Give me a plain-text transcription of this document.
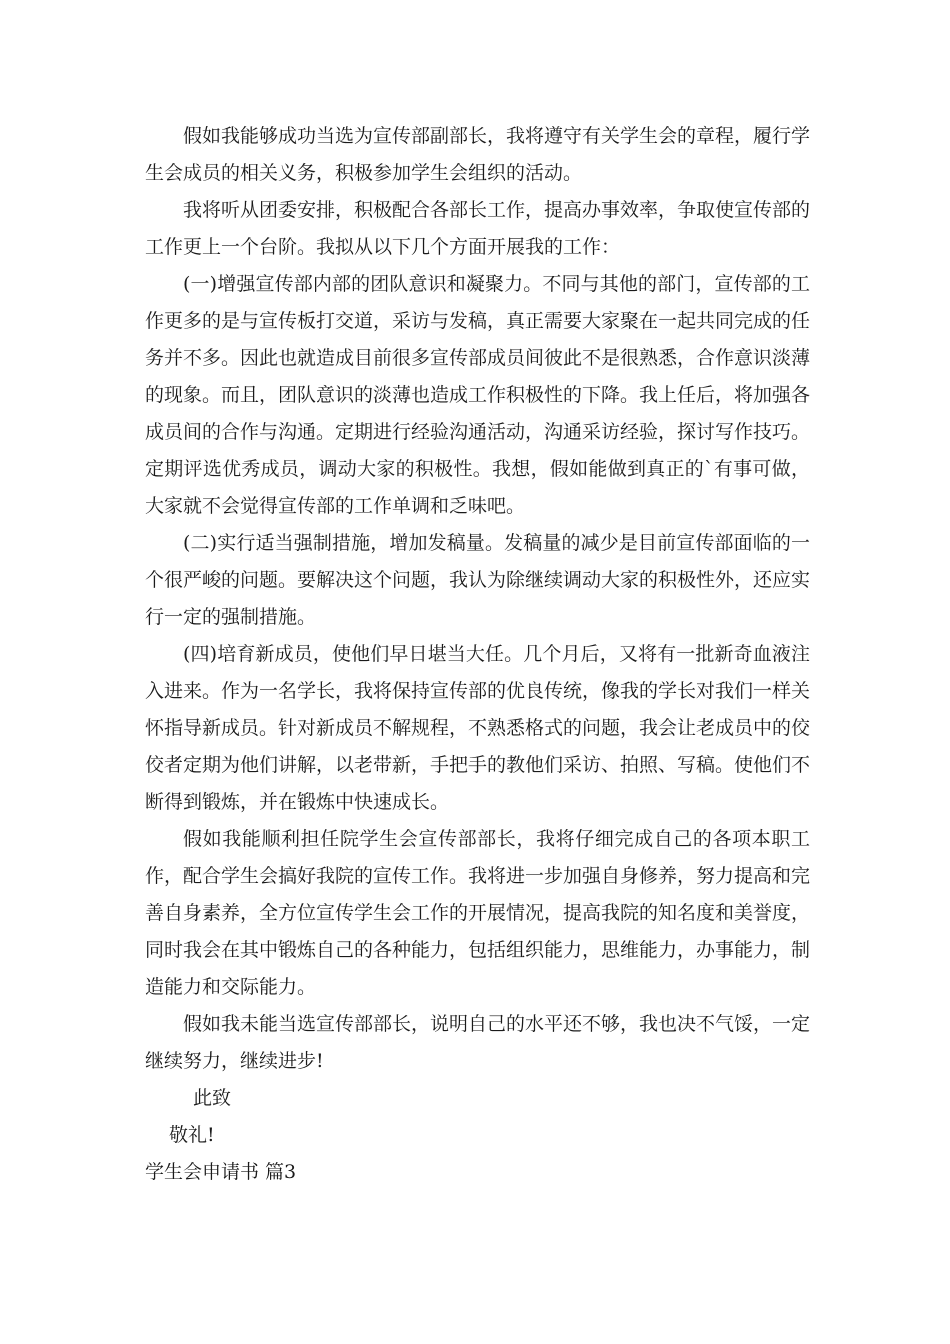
假如我能够成功当选为宣传部副部长，我将遵守有关学生会的章程，履行学生会成员的相关义务，积极参加学生会组织的活动。

我将听从团委安排，积极配合各部长工作，提高办事效率，争取使宣传部的工作更上一个台阶。我拟从以下几个方面开展我的工作：

(一)增强宣传部内部的团队意识和凝聚力。不同与其他的部门，宣传部的工作更多的是与宣传板打交道，采访与发稿，真正需要大家聚在一起共同完成的任务并不多。因此也就造成目前很多宣传部成员间彼此不是很熟悉，合作意识淡薄的现象。而且，团队意识的淡薄也造成工作积极性的下降。我上任后，将加强各成员间的合作与沟通。定期进行经验沟通活动，沟通采访经验，探讨写作技巧。定期评选优秀成员，调动大家的积极性。我想，假如能做到真正的`有事可做，大家就不会觉得宣传部的工作单调和乏味吧。

(二)实行适当强制措施，增加发稿量。发稿量的减少是目前宣传部面临的一个很严峻的问题。要解决这个问题，我认为除继续调动大家的积极性外，还应实行一定的强制措施。

(四)培育新成员，使他们早日堪当大任。几个月后，又将有一批新奇血液注入进来。作为一名学长，我将保持宣传部的优良传统，像我的学长对我们一样关怀指导新成员。针对新成员不解规程，不熟悉格式的问题，我会让老成员中的佼佼者定期为他们讲解，以老带新，手把手的教他们采访、拍照、写稿。使他们不断得到锻炼，并在锻炼中快速成长。

假如我能顺利担任院学生会宣传部部长，我将仔细完成自己的各项本职工作，配合学生会搞好我院的宣传工作。我将进一步加强自身修养，努力提高和完善自身素养，全方位宣传学生会工作的开展情况，提高我院的知名度和美誉度，同时我会在其中锻炼自己的各种能力，包括组织能力，思维能力，办事能力，制造能力和交际能力。

假如我未能当选宣传部部长，说明自己的水平还不够，我也决不气馁，一定继续努力，继续进步!

此致

敬礼!

学生会申请书 篇3
